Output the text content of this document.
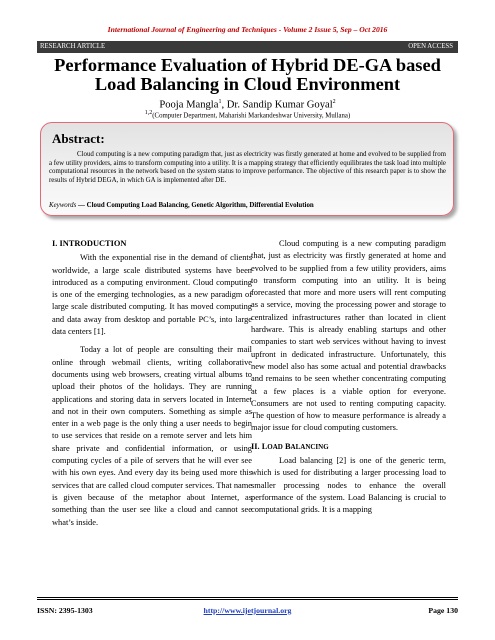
International Journal of Engineering and Techniques - Volume 2 Issue 5, Sep – Oct 2016
RESEARCH ARTICLE	OPEN ACCESS
Performance Evaluation of Hybrid DE-GA based
Load Balancing in Cloud Environment
Pooja Mangla$^1$, Dr. Sandip Kumar Goyal$^2$
$^{1,2}$(Computer Department, Maharishi Markandeshwar University, Mullana)
Abstract:
Cloud computing is a new computing paradigm that, just as electricity was firstly generated at home and evolved to be supplied from a few utility providers, aims to transform computing into a utility. It is a mapping strategy that efficiently equilibrates the task load into multiple computational resources in the network based on the system status to improve performance. The objective of this research paper is to show the results of Hybrid DEGA, in which GA is implemented after DE.
Keywords — Cloud Computing Load Balancing, Genetic Algorithm, Differential Evolution
I. INTRODUCTION

With the exponential rise in the demand of clients worldwide, a large scale distributed systems have been introduced as a computing environment. Cloud computing is one of the emerging technologies, as a new paradigm of large scale distributed computing. It has moved computing and data away from desktop and portable PC’s, into large data centers [1].

Today a lot of people are consulting their mail online through webmail clients, writing collaborative documents using web browsers, creating virtual albums to upload their photos of the holidays. They are running applications and storing data in servers located in Internet and not in their own computers. Something as simple as enter in a web page is the only thing a user needs to begin to use services that reside on a remote server and lets him share private and confidential information, or using computing cycles of a pile of servers that he will ever see with his own eyes. And every day its being used more this services that are called cloud computer services. That name is given because of the metaphor about Internet, as something than the user see like a cloud and cannot see what’s inside.

Cloud computing is a new computing paradigm that, just as electricity was firstly generated at home and evolved to be supplied from a few utility providers, aims to transform computing into an utility. It is being forecasted that more and more users will rent computing as a service, moving the processing power and storage to centralized infrastructures rather than located in client hardware. This is already enabling startups and other companies to start web services without having to invest upfront in dedicated infrastructure. Unfortunately, this new model also has some actual and potential drawbacks and remains to be seen whether concentrating computing at a few places is a viable option for everyone. Consumers are not used to renting computing capacity. The question of how to measure performance is already a major issue for cloud computing customers.

II. LOAD BALANCING

Load balancing [2] is one of the generic term, which is used for distributing a larger processing load to smaller processing nodes to enhance the overall performance of the system. Load Balancing is crucial to computational grids. It is a mapping

ISSN: 2395-1303	http://www.ijetjournal.org	Page 130
